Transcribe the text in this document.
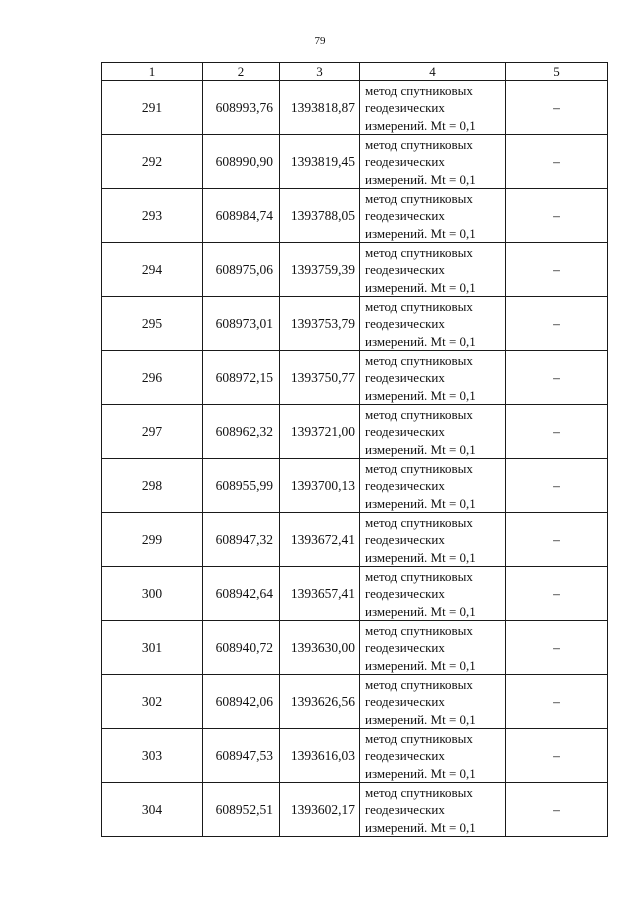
79
1	2	3	4	5
291	608993,76	1393818,87	метод спутниковых
геодезических
измерений. Mt = 0,1	–
292	608990,90	1393819,45	метод спутниковых
геодезических
измерений. Mt = 0,1	–
293	608984,74	1393788,05	метод спутниковых
геодезических
измерений. Mt = 0,1	–
294	608975,06	1393759,39	метод спутниковых
геодезических
измерений. Mt = 0,1	–
295	608973,01	1393753,79	метод спутниковых
геодезических
измерений. Mt = 0,1	–
296	608972,15	1393750,77	метод спутниковых
геодезических
измерений. Mt = 0,1	–
297	608962,32	1393721,00	метод спутниковых
геодезических
измерений. Mt = 0,1	–
298	608955,99	1393700,13	метод спутниковых
геодезических
измерений. Mt = 0,1	–
299	608947,32	1393672,41	метод спутниковых
геодезических
измерений. Mt = 0,1	–
300	608942,64	1393657,41	метод спутниковых
геодезических
измерений. Mt = 0,1	–
301	608940,72	1393630,00	метод спутниковых
геодезических
измерений. Mt = 0,1	–
302	608942,06	1393626,56	метод спутниковых
геодезических
измерений. Mt = 0,1	–
303	608947,53	1393616,03	метод спутниковых
геодезических
измерений. Mt = 0,1	–
304	608952,51	1393602,17	метод спутниковых
геодезических
измерений. Mt = 0,1	–
